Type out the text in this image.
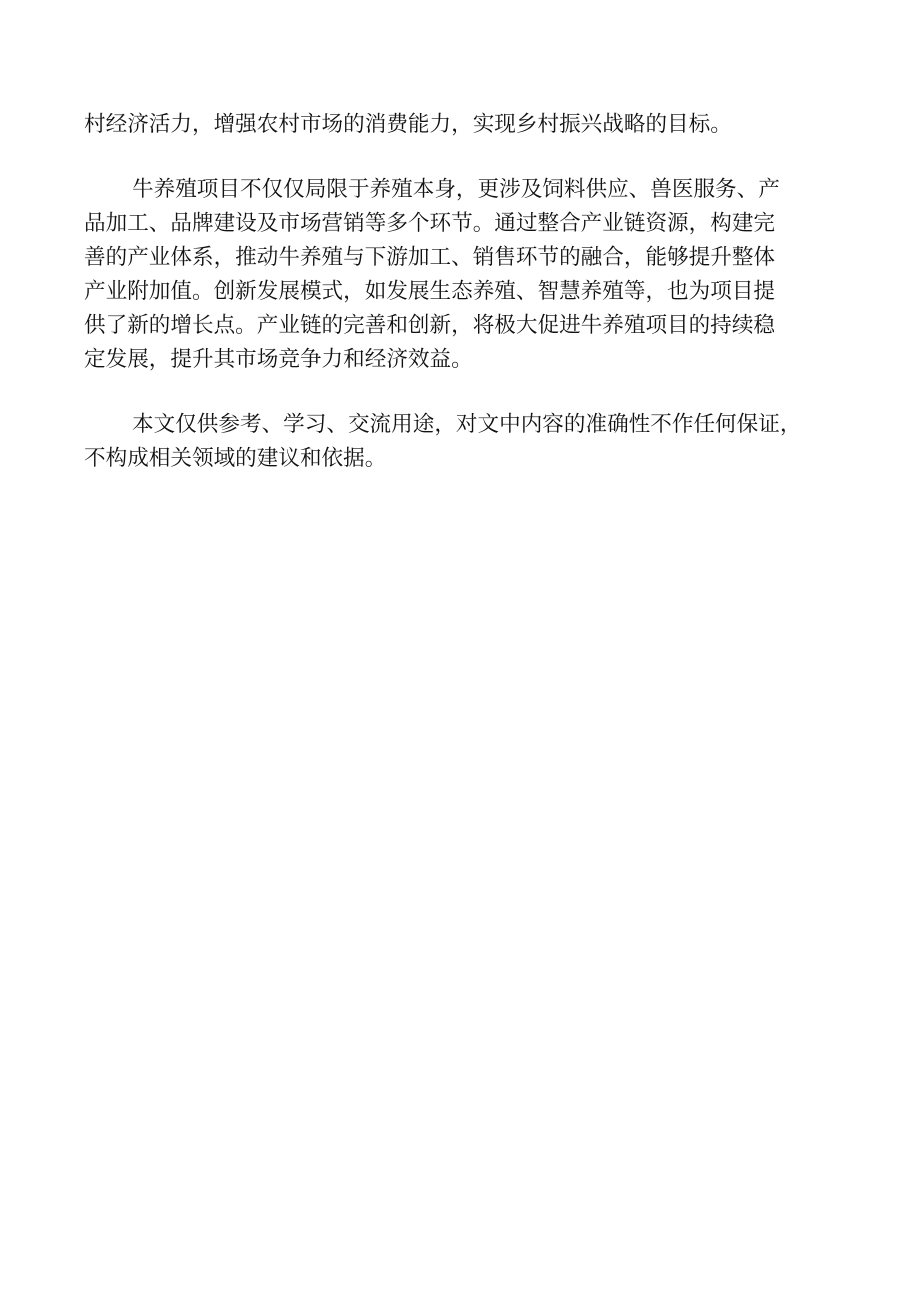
村经济活力，增强农村市场的消费能力，实现乡村振兴战略的目标。

牛养殖项目不仅仅局限于养殖本身，更涉及饲料供应、兽医服务、产
品加工、品牌建设及市场营销等多个环节。通过整合产业链资源，构建完
善的产业体系，推动牛养殖与下游加工、销售环节的融合，能够提升整体
产业附加值。创新发展模式，如发展生态养殖、智慧养殖等，也为项目提
供了新的增长点。产业链的完善和创新，将极大促进牛养殖项目的持续稳
定发展，提升其市场竞争力和经济效益。

本文仅供参考、学习、交流用途，对文中内容的准确性不作任何保证，
不构成相关领域的建议和依据。
